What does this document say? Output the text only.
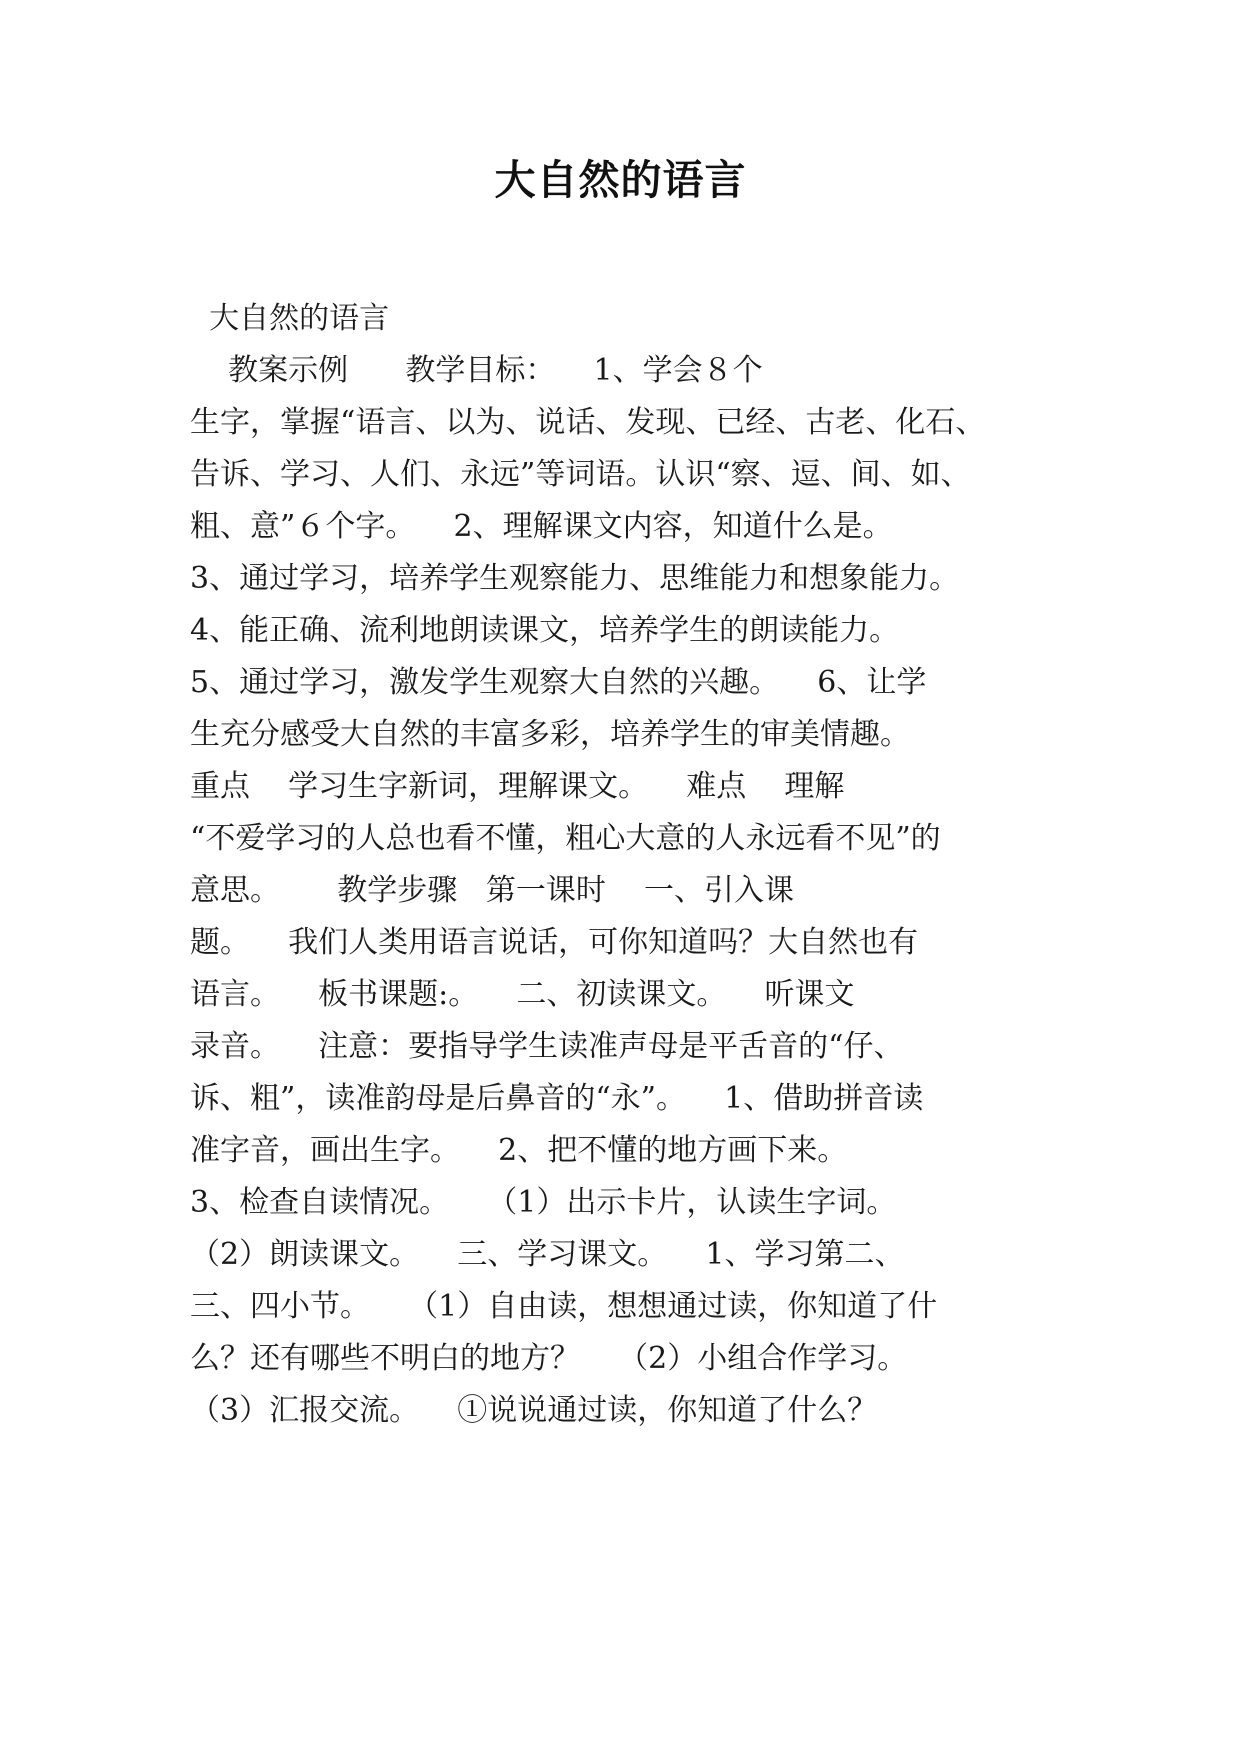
大自然的语言
大自然的语言
教案示例      教学目标：    1、学会８个
生字，掌握“语言、以为、说话、发现、已经、古老、化石、
告诉、学习、人们、永远”等词语。认识“察、逗、间、如、
粗、意”６个字。    2、理解课文内容，知道什么是。
3、通过学习，培养学生观察能力、思维能力和想象能力。
4、能正确、流利地朗读课文，培养学生的朗读能力。
5、通过学习，激发学生观察大自然的兴趣。    6、让学
生充分感受大自然的丰富多彩，培养学生的审美情趣。
重点    学习生字新词，理解课文。    难点    理解
“不爱学习的人总也看不懂，粗心大意的人永远看不见”的
意思。      教学步骤   第一课时    一、引入课
题。    我们人类用语言说话，可你知道吗？大自然也有
语言。    板书课题:。    二、初读课文。    听课文
录音。    注意：要指导学生读准声母是平舌音的“仔、
诉、粗”，读准韵母是后鼻音的“永”。    1、借助拼音读
准字音，画出生字。    2、把不懂的地方画下来。
3、检查自读情况。    （1）出示卡片，认读生字词。
（2）朗读课文。    三、学习课文。    1、学习第二、
三、四小节。    （1）自由读，想想通过读，你知道了什
么？还有哪些不明白的地方？    （2）小组合作学习。
（3）汇报交流。    ①说说通过读，你知道了什么？
